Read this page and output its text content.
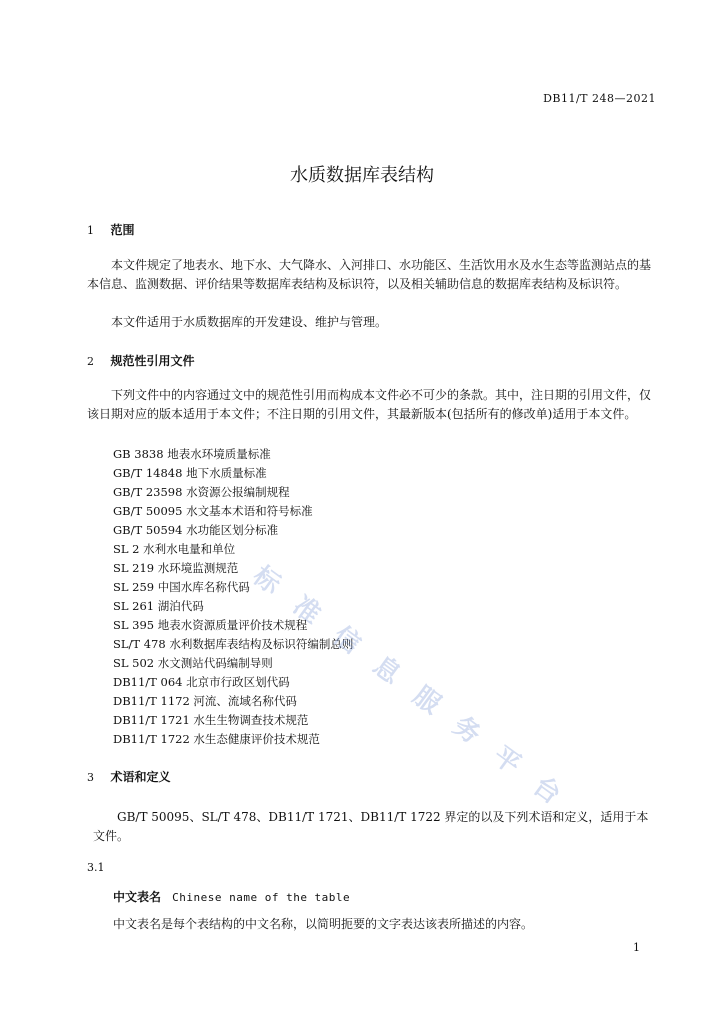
DB11/T 248—2021
水质数据库表结构
1 范围
本文件规定了地表水、地下水、大气降水、入河排口、水功能区、生活饮用水及水生态等监测站点的基本信息、监测数据、评价结果等数据库表结构及标识符，以及相关辅助信息的数据库表结构及标识符。
本文件适用于水质数据库的开发建设、维护与管理。
2 规范性引用文件
下列文件中的内容通过文中的规范性引用而构成本文件必不可少的条款。其中，注日期的引用文件，仅该日期对应的版本适用于本文件；不注日期的引用文件，其最新版本(包括所有的修改单)适用于本文件。
GB 3838 地表水环境质量标准
GB/T 14848 地下水质量标准
GB/T 23598 水资源公报编制规程
GB/T 50095 水文基本术语和符号标准
GB/T 50594 水功能区划分标准
SL 2 水利水电量和单位
SL 219 水环境监测规范
SL 259 中国水库名称代码
SL 261 湖泊代码
SL 395 地表水资源质量评价技术规程
SL/T 478 水利数据库表结构及标识符编制总则
SL 502 水文测站代码编制导则
DB11/T 064 北京市行政区划代码
DB11/T 1172 河流、流域名称代码
DB11/T 1721 水生生物调查技术规范
DB11/T 1722 水生态健康评价技术规范
3 术语和定义
GB/T 50095、SL/T 478、DB11/T 1721、DB11/T 1722 界定的以及下列术语和定义，适用于本文件。
3.1
中文表名 Chinese name of the table
中文表名是每个表结构的中文名称，以简明扼要的文字表达该表所描述的内容。
1
标
准
信
息
服
务
平
台
